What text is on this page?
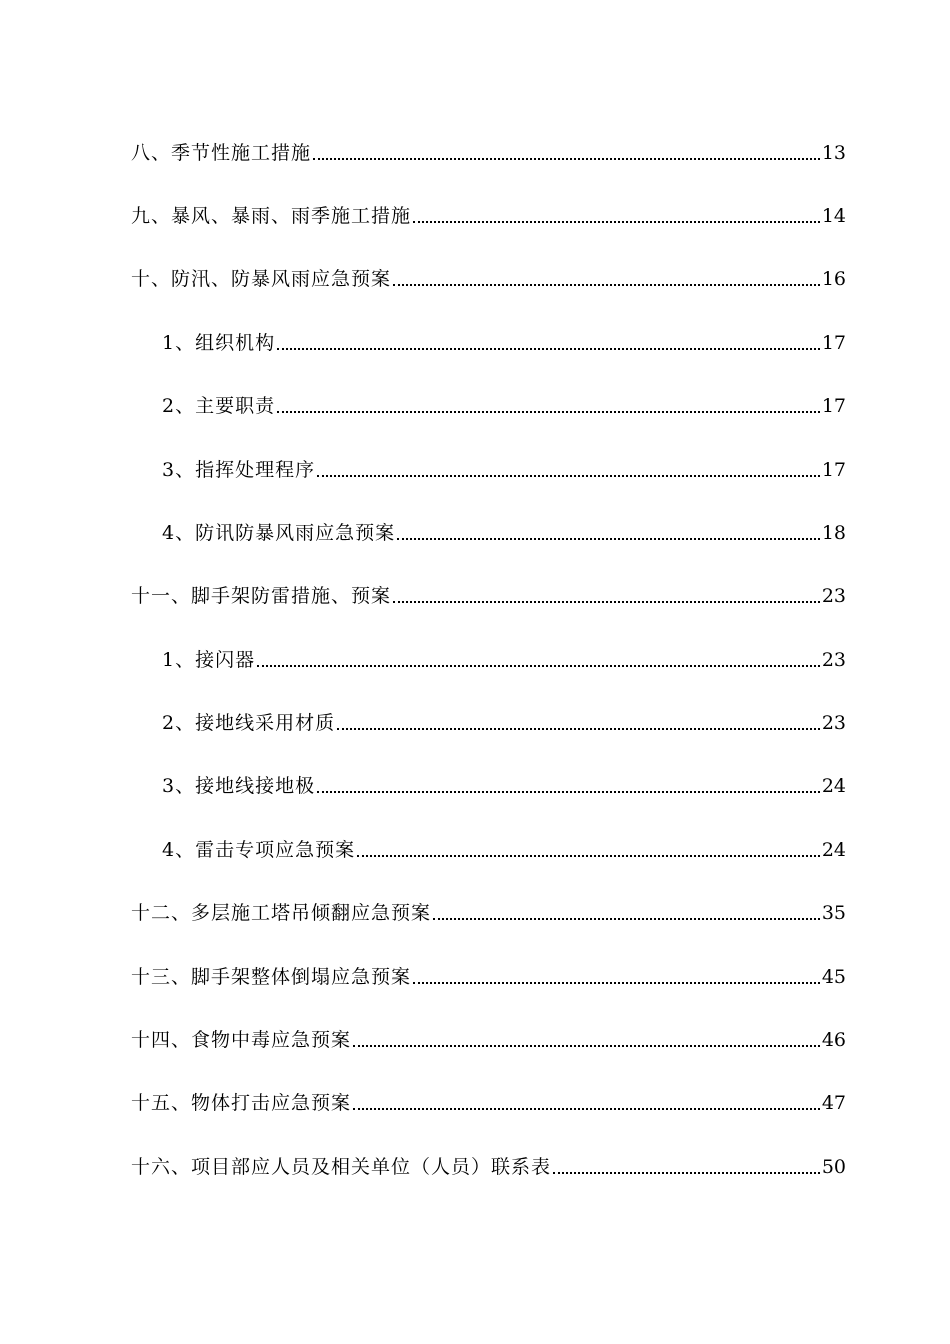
八、季节性施工措施	13
九、暴风、暴雨、雨季施工措施	14
十、防汛、防暴风雨应急预案	16
1、组织机构	17
2、主要职责	17
3、指挥处理程序	17
4、防讯防暴风雨应急预案	18
十一、脚手架防雷措施、预案	23
1、接闪器	23
2、接地线采用材质	23
3、接地线接地极	24
4、雷击专项应急预案	24
十二、多层施工塔吊倾翻应急预案	35
十三、脚手架整体倒塌应急预案	45
十四、食物中毒应急预案	46
十五、物体打击应急预案	47
十六、项目部应人员及相关单位（人员）联系表	50
